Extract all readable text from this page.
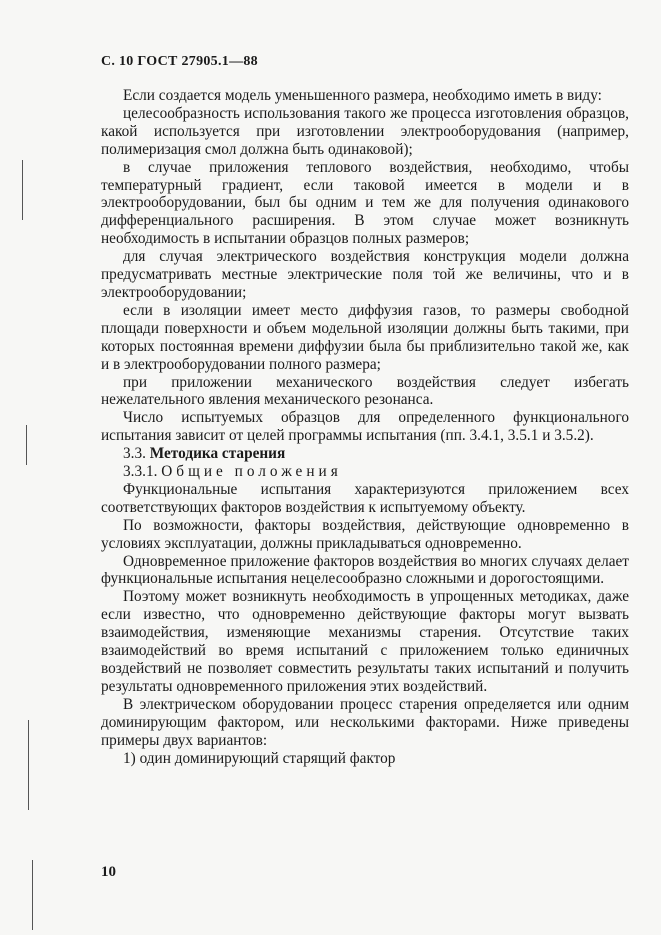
С. 10 ГОСТ 27905.1—88

Если создается модель уменьшенного размера, необходимо иметь в виду:

целесообразность использования такого же процесса изготовления образцов, какой используется при изготовлении электрооборудования (например, полимеризация смол должна быть одинаковой);

в случае приложения теплового воздействия, необходимо, чтобы температурный градиент, если таковой имеется в модели и в электрооборудовании, был бы одним и тем же для получения одинакового дифференциального расширения. В этом случае может возникнуть необходимость в испытании образцов полных размеров;

для случая электрического воздействия конструкция модели должна предусматривать местные электрические поля той же величины, что и в электрооборудовании;

если в изоляции имеет место диффузия газов, то размеры свободной площади поверхности и объем модельной изоляции должны быть такими, при которых постоянная времени диффузии была бы приблизительно такой же, как и в электрооборудовании полного размера;

при приложении механического воздействия следует избегать нежелательного явления механического резонанса.

Число испытуемых образцов для определенного функционального испытания зависит от целей программы испытания (пп. 3.4.1, 3.5.1 и 3.5.2).

3.3. Методика старения

3.3.1. Общие положения

Функциональные испытания характеризуются приложением всех соответствующих факторов воздействия к испытуемому объекту.

По возможности, факторы воздействия, действующие одновременно в условиях эксплуатации, должны прикладываться одновременно.

Одновременное приложение факторов воздействия во многих случаях делает функциональные испытания нецелесообразно сложными и дорогостоящими.

Поэтому может возникнуть необходимость в упрощенных методиках, даже если известно, что одновременно действующие факторы могут вызвать взаимодействия, изменяющие механизмы старения. Отсутствие таких взаимодействий во время испытаний с приложением только единичных воздействий не позволяет совместить результаты таких испытаний и получить результаты одновременного приложения этих воздействий.

В электрическом оборудовании процесс старения определяется или одним доминирующим фактором, или несколькими факторами. Ниже приведены примеры двух вариантов:

1) один доминирующий старящий фактор

10
